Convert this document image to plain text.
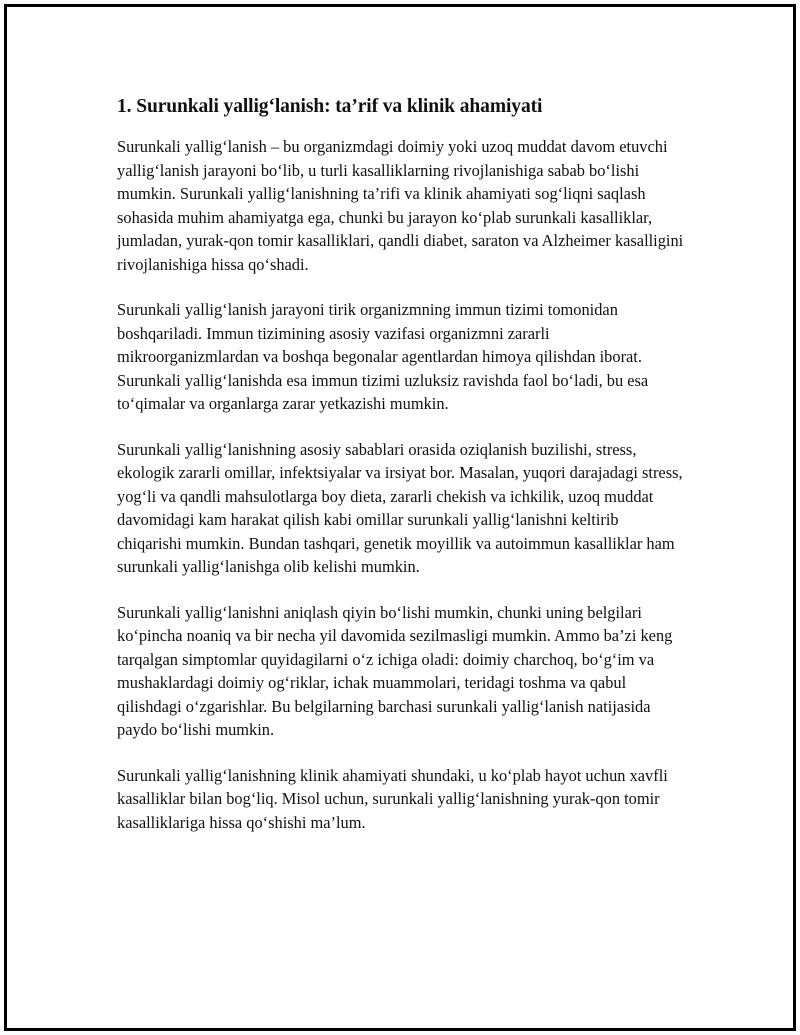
1. Surunkali yallig‘lanish: ta’rif va klinik ahamiyati

Surunkali yallig‘lanish – bu organizmdagi doimiy yoki uzoq muddat davom etuvchi yallig‘lanish jarayoni bo‘lib, u turli kasalliklarning rivojlanishiga sabab bo‘lishi mumkin. Surunkali yallig‘lanishning ta’rifi va klinik ahamiyati sog‘liqni saqlash sohasida muhim ahamiyatga ega, chunki bu jarayon ko‘plab surunkali kasalliklar, jumladan, yurak-qon tomir kasalliklari, qandli diabet, saraton va Alzheimer kasalligini rivojlanishiga hissa qo‘shadi.

Surunkali yallig‘lanish jarayoni tirik organizmning immun tizimi tomonidan boshqariladi. Immun tizimining asosiy vazifasi organizmni zararli mikroorganizmlardan va boshqa begonalar agentlardan himoya qilishdan iborat. Surunkali yallig‘lanishda esa immun tizimi uzluksiz ravishda faol bo‘ladi, bu esa to‘qimalar va organlarga zarar yetkazishi mumkin.

Surunkali yallig‘lanishning asosiy sabablari orasida oziqlanish buzilishi, stress, ekologik zararli omillar, infektsiyalar va irsiyat bor. Masalan, yuqori darajadagi stress, yog‘li va qandli mahsulotlarga boy dieta, zararli chekish va ichkilik, uzoq muddat davomidagi kam harakat qilish kabi omillar surunkali yallig‘lanishni keltirib chiqarishi mumkin. Bundan tashqari, genetik moyillik va autoimmun kasalliklar ham surunkali yallig‘lanishga olib kelishi mumkin.

Surunkali yallig‘lanishni aniqlash qiyin bo‘lishi mumkin, chunki uning belgilari ko‘pincha noaniq va bir necha yil davomida sezilmasligi mumkin. Ammo ba’zi keng tarqalgan simptomlar quyidagilarni o‘z ichiga oladi: doimiy charchoq, bo‘g‘im va mushaklardagi doimiy og‘riklar, ichak muammolari, teridagi toshma va qabul qilishdagi o‘zgarishlar. Bu belgilarning barchasi surunkali yallig‘lanish natijasida paydo bo‘lishi mumkin.

Surunkali yallig‘lanishning klinik ahamiyati shundaki, u ko‘plab hayot uchun xavfli kasalliklar bilan bog‘liq. Misol uchun, surunkali yallig‘lanishning yurak-qon tomir kasalliklariga hissa qo‘shishi ma’lum.
